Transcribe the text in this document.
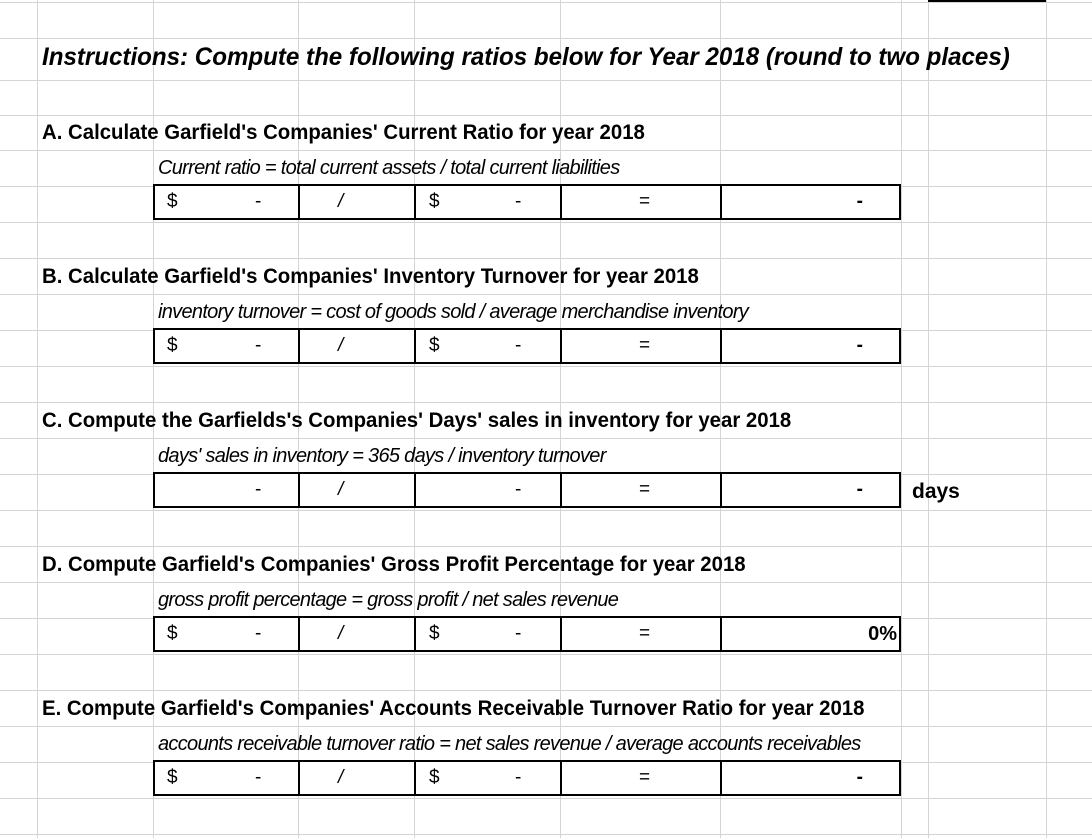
Instructions: Compute the following ratios below for Year 2018 (round to two places)
A. Calculate Garfield's Companies' Current Ratio for year 2018
Current ratio = total current assets / total current liabilities
$	-	/	$	-	=	-
B. Calculate Garfield's Companies' Inventory Turnover for year 2018
inventory turnover = cost of goods sold / average merchandise inventory
$	-	/	$	-	=	-
C. Compute the Garfields's Companies' Days' sales in inventory for year 2018
days' sales in inventory = 365 days / inventory turnover
-	/	-	=	- days
D. Compute Garfield's Companies' Gross Profit Percentage for year 2018
gross profit percentage = gross profit / net sales revenue
$	-	/	$	-	=	0%
E. Compute Garfield's Companies' Accounts Receivable Turnover Ratio for year 2018
accounts receivable turnover ratio = net sales revenue / average accounts receivables
$	-	/	$	-	=	-
